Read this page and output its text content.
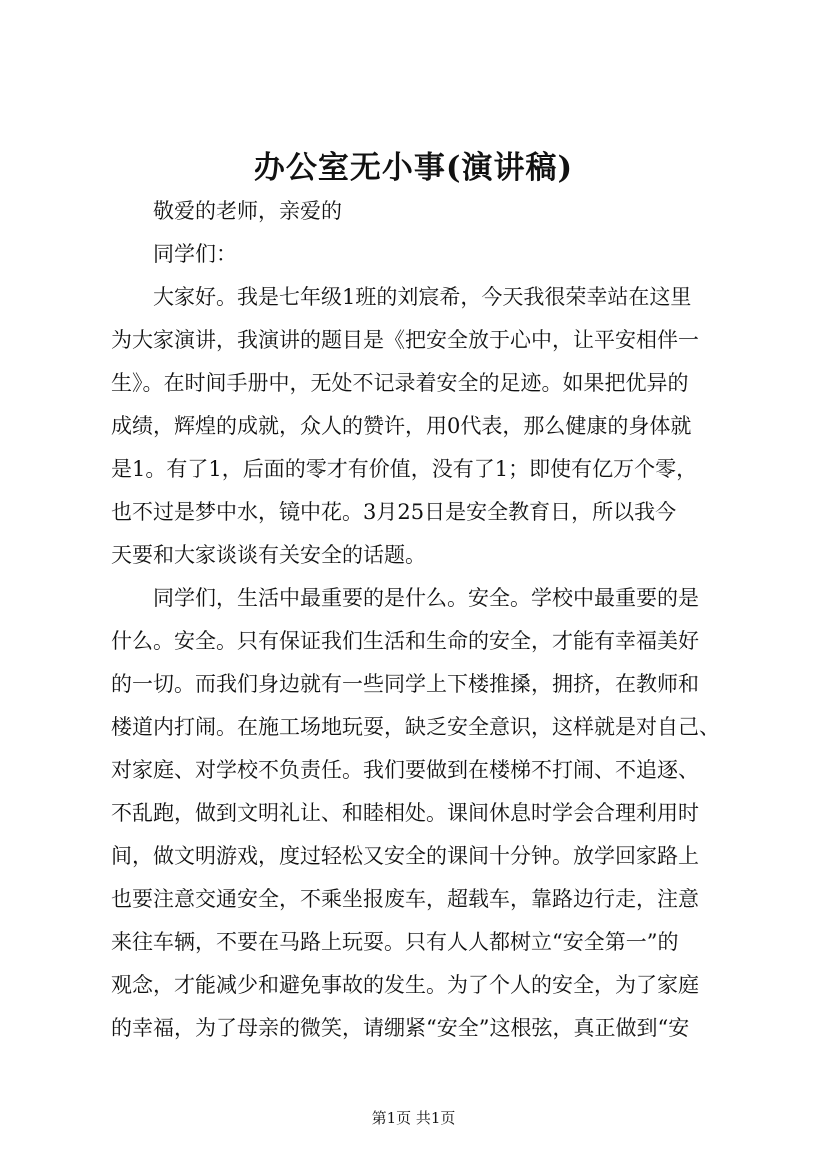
办公室无小事(演讲稿)

敬爱的老师，亲爱的
同学们：

大家好。我是七年级1班的刘宸希，今天我很荣幸站在这里
为大家演讲，我演讲的题目是《把安全放于心中，让平安相伴一
生》。在时间手册中，无处不记录着安全的足迹。如果把优异的
成绩，辉煌的成就，众人的赞许，用0代表，那么健康的身体就
是1。有了1，后面的零才有价值，没有了1；即使有亿万个零，
也不过是梦中水，镜中花。3月25日是安全教育日，所以我今
天要和大家谈谈有关安全的话题。

同学们，生活中最重要的是什么。安全。学校中最重要的是
什么。安全。只有保证我们生活和生命的安全，才能有幸福美好
的一切。而我们身边就有一些同学上下楼推搡，拥挤，在教师和
楼道内打闹。在施工场地玩耍，缺乏安全意识，这样就是对自己、
对家庭、对学校不负责任。我们要做到在楼梯不打闹、不追逐、
不乱跑，做到文明礼让、和睦相处。课间休息时学会合理利用时
间，做文明游戏，度过轻松又安全的课间十分钟。放学回家路上
也要注意交通安全，不乘坐报废车，超载车，靠路边行走，注意
来往车辆，不要在马路上玩耍。只有人人都树立“安全第一”的
观念，才能减少和避免事故的发生。为了个人的安全，为了家庭
的幸福，为了母亲的微笑，请绷紧“安全”这根弦，真正做到“安

第1页 共1页
